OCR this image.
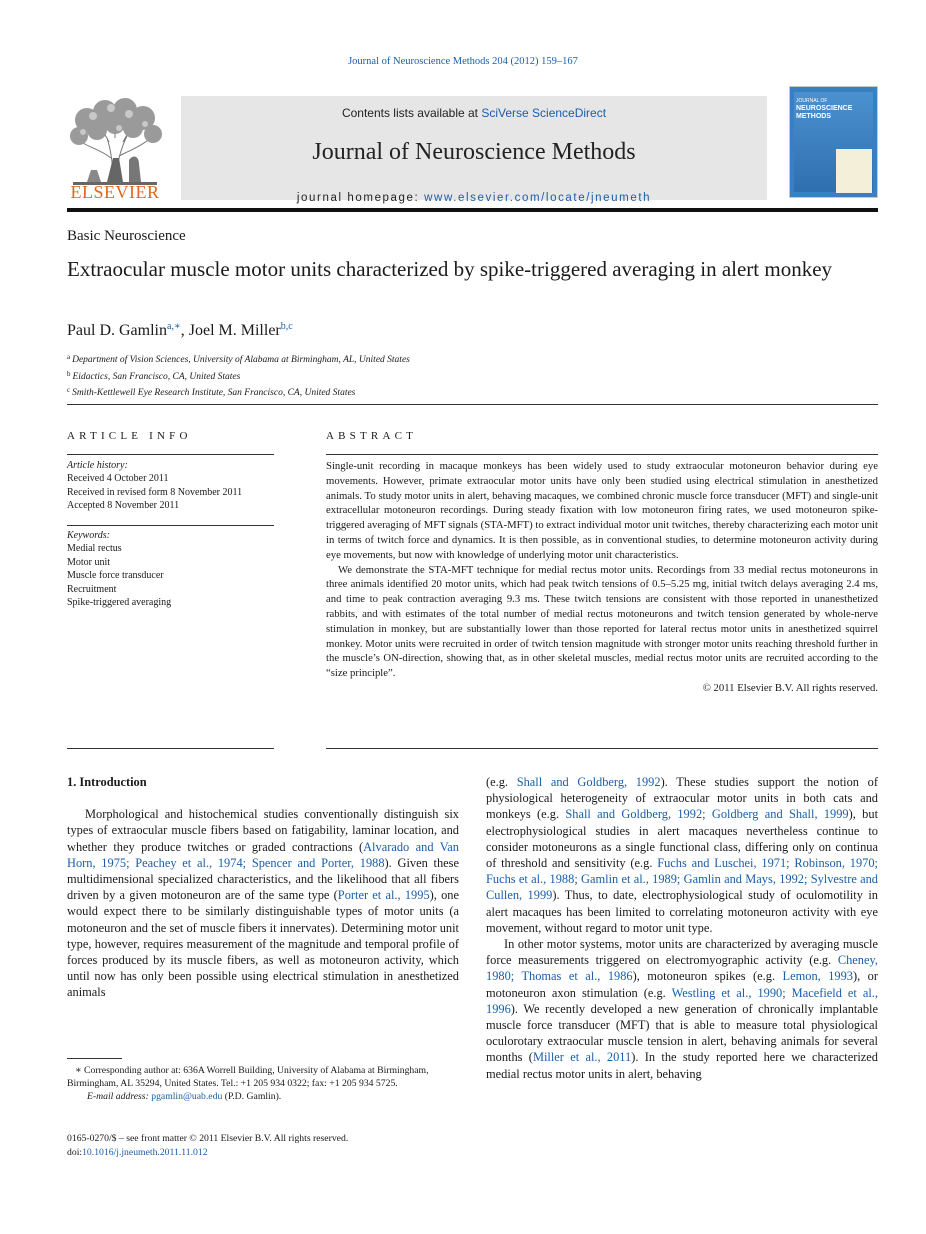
Journal of Neuroscience Methods 204 (2012) 159–167
ELSEVIER
Contents lists available at SciVerse ScienceDirect
Journal of Neuroscience Methods
journal homepage: www.elsevier.com/locate/jneumeth
JOURNAL OF
NEUROSCIENCE
METHODS
Basic Neuroscience
Extraocular muscle motor units characterized by spike-triggered averaging in alert monkey
Paul D. Gamlin$^{a,∗}$, Joel M. Miller$^{b,c}$
$^a$ Department of Vision Sciences, University of Alabama at Birmingham, AL, United States
$^b$ Eidactics, San Francisco, CA, United States
$^c$ Smith-Kettlewell Eye Research Institute, San Francisco, CA, United States
ARTICLE INFO	ABSTRACT
Article history:
Received 4 October 2011
Received in revised form 8 November 2011
Accepted 8 November 2011
Keywords:
Medial rectus
Motor unit
Muscle force transducer
Recruitment
Spike-triggered averaging

Single-unit recording in macaque monkeys has been widely used to study extraocular motoneuron behavior during eye movements. However, primate extraocular motor units have only been studied using electrical stimulation in anesthetized animals. To study motor units in alert, behaving macaques, we combined chronic muscle force transducer (MFT) and single-unit extracellular motoneuron recordings. During steady fixation with low motoneuron firing rates, we used motoneuron spike-triggered averaging of MFT signals (STA-MFT) to extract individual motor unit twitches, thereby characterizing each motor unit in terms of twitch force and dynamics. It is then possible, as in conventional studies, to determine motoneuron activity during eye movements, but now with knowledge of underlying motor unit characteristics.

We demonstrate the STA-MFT technique for medial rectus motor units. Recordings from 33 medial rectus motoneurons in three animals identified 20 motor units, which had peak twitch tensions of 0.5–5.25 mg, initial twitch delays averaging 2.4 ms, and time to peak contraction averaging 9.3 ms. These twitch tensions are consistent with those reported in unanesthetized rabbits, and with estimates of the total number of medial rectus motoneurons and twitch tension generated by whole-nerve stimulation in monkey, but are substantially lower than those reported for lateral rectus motor units in anesthetized squirrel monkey. Motor units were recruited in order of twitch tension magnitude with stronger motor units reaching threshold further in the muscle’s ON-direction, showing that, as in other skeletal muscles, medial rectus motor units are recruited according to the “size principle”.

© 2011 Elsevier B.V. All rights reserved.
1. Introduction

Morphological and histochemical studies conventionally distinguish six types of extraocular muscle fibers based on fatigability, laminar location, and whether they produce twitches or graded contractions (Alvarado and Van Horn, 1975; Peachey et al., 1974; Spencer and Porter, 1988). Given these multidimensional specialized characteristics, and the likelihood that all fibers driven by a given motoneuron are of the same type (Porter et al., 1995), one would expect there to be similarly distinguishable types of motor units (a motoneuron and the set of muscle fibers it innervates). Determining motor unit type, however, requires measurement of the magnitude and temporal profile of forces produced by its muscle fibers, as well as motoneuron activity, which until now has only been possible using electrical stimulation in anesthetized animals

(e.g. Shall and Goldberg, 1992). These studies support the notion of physiological heterogeneity of extraocular motor units in both cats and monkeys (e.g. Shall and Goldberg, 1992; Goldberg and Shall, 1999), but electrophysiological studies in alert macaques nevertheless continue to consider motoneurons as a single functional class, differing only on continua of threshold and sensitivity (e.g. Fuchs and Luschei, 1971; Robinson, 1970; Fuchs et al., 1988; Gamlin et al., 1989; Gamlin and Mays, 1992; Sylvestre and Cullen, 1999). Thus, to date, electrophysiological study of oculomotility in alert macaques has been limited to correlating motoneuron activity with eye movement, without regard to motor unit type.

In other motor systems, motor units are characterized by averaging muscle force measurements triggered on electromyographic activity (e.g. Cheney, 1980; Thomas et al., 1986), motoneuron spikes (e.g. Lemon, 1993), or motoneuron axon stimulation (e.g. Westling et al., 1990; Macefield et al., 1996). We recently developed a new generation of chronically implantable muscle force transducer (MFT) that is able to measure total physiological oculorotary extraocular muscle tension in alert, behaving animals for several months (Miller et al., 2011). In the study reported here we characterized medial rectus motor units in alert, behaving

∗ Corresponding author at: 636A Worrell Building, University of Alabama at Birmingham, Birmingham, AL 35294, United States. Tel.: +1 205 934 0322; fax: +1 205 934 5725.
E-mail address: pgamlin@uab.edu (P.D. Gamlin).
0165-0270/$ – see front matter © 2011 Elsevier B.V. All rights reserved.
doi:10.1016/j.jneumeth.2011.11.012
